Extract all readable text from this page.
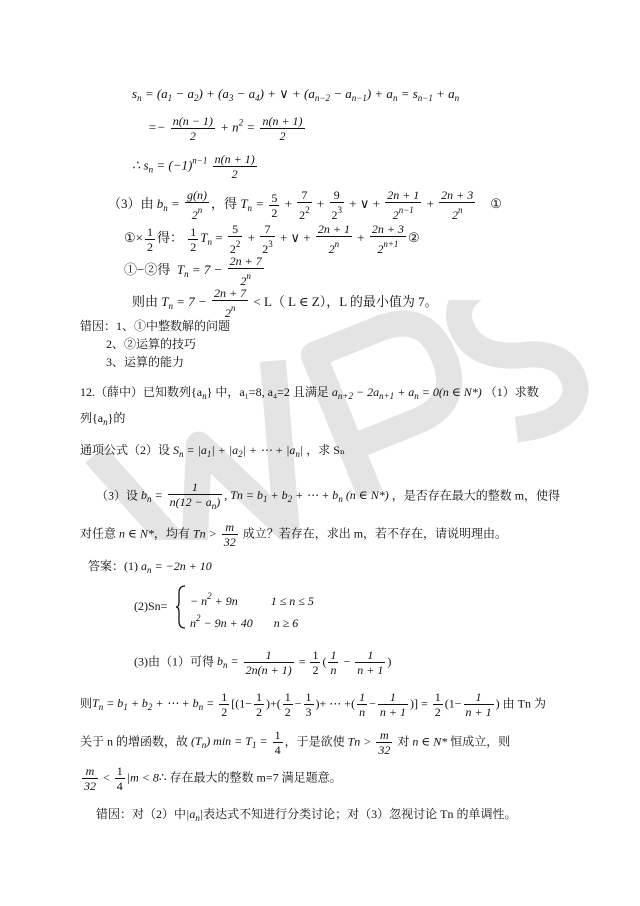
$s_n = (a_1 - a_2) + (a_3 - a_4)$ + ∨ + $(a_{n-2} - a_{n-1}) + a_n = s_{n-1} + a_n$
=− $\frac{n(n - 1)}{2} + n^2 = \frac{n(n + 1)}{2}$
∴ $s_n = (-1)^{n-1} \frac{n(n + 1)}{2}$
（3）由 $b_n = \frac{g(n)}{2^n}$ ，得 $T_n = \frac{5}{2} + \frac{7}{2^2} + \frac{9}{2^3}$ + ∨ + $\frac{2n + 1}{2^{n-1}} + \frac{2n + 3}{2^n}$ ①
①× $\frac{1}{2}$ 得： $\frac{1}{2} T_n = \frac{5}{2^2} + \frac{7}{2^3}$ + ∨ + $\frac{2n + 1}{2^n} + \frac{2n + 3}{2^{n+1}}$ ②
①−②得 $T_n = 7 - \frac{2n + 7}{2^n}$
则由 $T_n = 7 - \frac{2n + 7}{2^n} < L$（ L ∈ Z），L 的最小值为 7。
错因：1、①中整数解的问题
2、②运算的技巧
3、运算的能力
12.（薛中）已知数列$\{a_n\}$ 中，a₁=8, a₄=2 且满足 $a_{n+2} - 2a_{n+1} + a_n = 0(n$ ∈ N*) （1）求数
列$\{a_n\}$的
通项公式（2）设 $S_n = |a_1| + |a_2|$ + ⋯ + $|a_n|$ ，求 Sₙ
（3）设 $b_n = \frac{1}{n(12 - a_n)}$ , $Tn = b_1 + b_2$ + ⋯ + $b_n$ (n ∈ N*) ，是否存在最大的整数 m，使得
对任意 n ∈ N*，均有 $Tn > \frac{m}{32}$ 成立？若存在，求出 m，若不存在，请说明理由。
答案：(1) $a_n = -2n + 10$
$(2)Sn= - n^2 + 9n$           1 ≤ n ≤ 5
$n^2 - 9n + 40$       n ≥ 6
(3)由（1）可得 $b_n = \frac{1}{2n(n + 1)} = \frac{1}{2}$ ( $\frac{1}{n} - \frac{1}{n + 1}$ )
则$T_n = b_1 + b_2$ + ⋯ + $b_n = \frac{1}{2} [(1- \frac{1}{2}$ )+( $\frac{1}{2} - \frac{1}{3}$ )+ ⋯ +( $\frac{1}{n} - \frac{1}{n + 1}$ )] = $\frac{1}{2} (1- \frac{1}{n + 1}$ ) 由 Tn 为
关于 n 的增函数，故 $(T_n) \min = T_1 = \frac{1}{4}$ ，于是欲使 $Tn > \frac{m}{32}$ 对 n ∈ N* 恒成立，则
$\frac{m}{32} < \frac{1}{4} |m$ < 8∴ 存在最大的整数 m=7 满足题意。
错因：对（2）中$|a_n|$表达式不知进行分类讨论；对（3）忽视讨论 Tn 的单调性。
